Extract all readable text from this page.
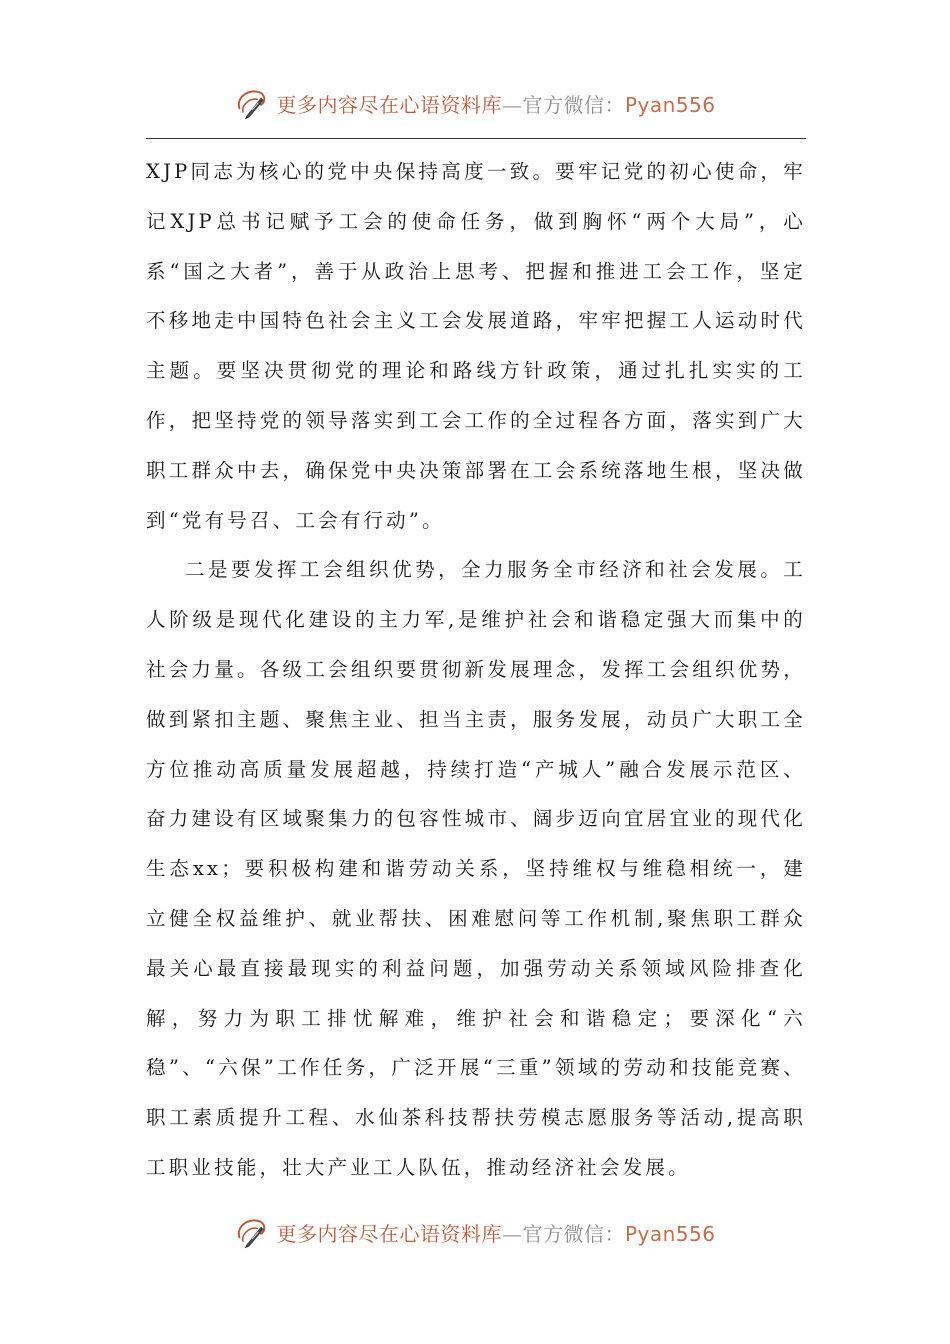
更多内容尽在心语资料库—官方微信：Pyan556

XJP同志为核心的党中央保持高度一致。要牢记党的初心使命，牢记XJP总书记赋予工会的使命任务，做到胸怀“两个大局”，心系“国之大者”，善于从政治上思考、把握和推进工会工作，坚定不移地走中国特色社会主义工会发展道路，牢牢把握工人运动时代主题。要坚决贯彻党的理论和路线方针政策，通过扎扎实实的工作，把坚持党的领导落实到工会工作的全过程各方面，落实到广大职工群众中去，确保党中央决策部署在工会系统落地生根，坚决做到“党有号召、工会有行动”。

二是要发挥工会组织优势，全力服务全市经济和社会发展。工人阶级是现代化建设的主力军,是维护社会和谐稳定强大而集中的社会力量。各级工会组织要贯彻新发展理念，发挥工会组织优势，做到紧扣主题、聚焦主业、担当主责，服务发展，动员广大职工全方位推动高质量发展超越，持续打造“产城人”融合发展示范区、奋力建设有区域聚集力的包容性城市、阔步迈向宜居宜业的现代化生态xx；要积极构建和谐劳动关系，坚持维权与维稳相统一，建立健全权益维护、就业帮扶、困难慰问等工作机制,聚焦职工群众最关心最直接最现实的利益问题，加强劳动关系领域风险排查化解，努力为职工排忧解难，维护社会和谐稳定；要深化“六稳”、“六保”工作任务，广泛开展“三重”领域的劳动和技能竞赛、职工素质提升工程、水仙茶科技帮扶劳模志愿服务等活动,提高职工职业技能，壮大产业工人队伍，推动经济社会发展。

更多内容尽在心语资料库—官方微信：Pyan556
